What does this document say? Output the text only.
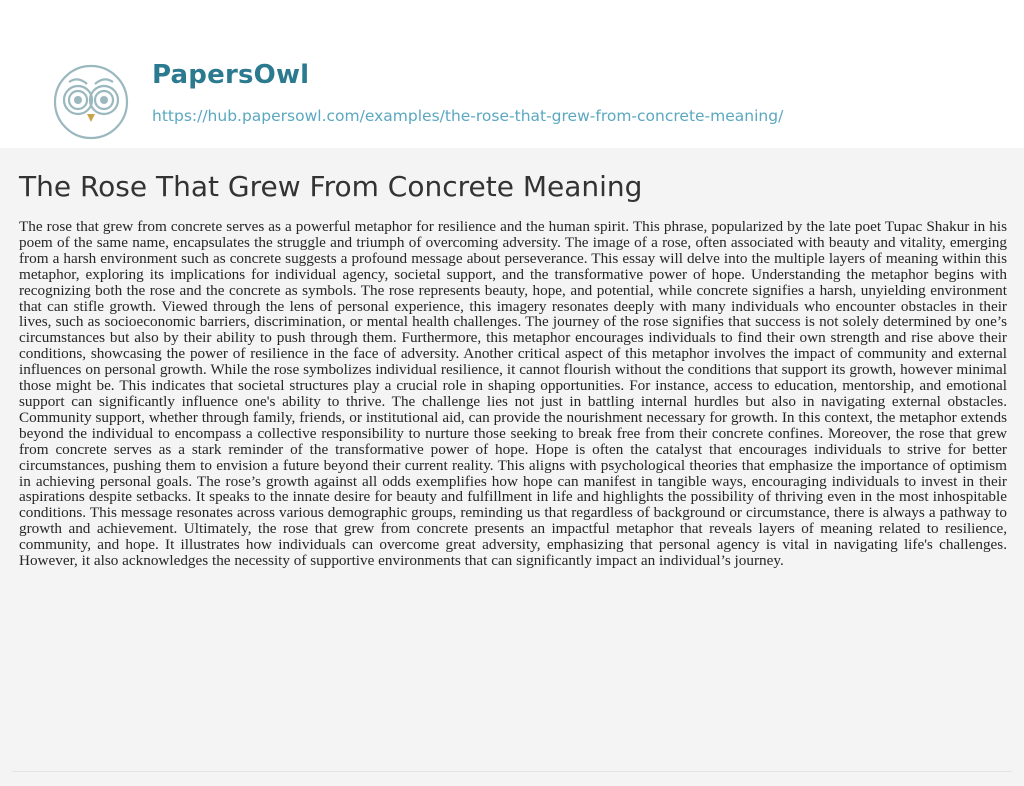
PapersOwl
https://hub.papersowl.com/examples/the-rose-that-grew-from-concrete-meaning/
The Rose That Grew From Concrete Meaning

The rose that grew from concrete serves as a powerful metaphor for resilience and the human spirit. This phrase, popularized by the late poet Tupac Shakur in his poem of the same name, encapsulates the struggle and triumph of overcoming adversity. The image of a rose, often associated with beauty and vitality, emerging from a harsh environment such as concrete suggests a profound message about perseverance. This essay will delve into the multiple layers of meaning within this metaphor, exploring its implications for individual agency, societal support, and the transformative power of hope. Understanding the metaphor begins with recognizing both the rose and the concrete as symbols. The rose represents beauty, hope, and potential, while concrete signifies a harsh, unyielding environment that can stifle growth. Viewed through the lens of personal experience, this imagery resonates deeply with many individuals who encounter obstacles in their lives, such as socioeconomic barriers, discrimination, or mental health challenges. The journey of the rose signifies that success is not solely determined by one’s circumstances but also by their ability to push through them. Furthermore, this metaphor encourages individuals to find their own strength and rise above their conditions, showcasing the power of resilience in the face of adversity. Another critical aspect of this metaphor involves the impact of community and external influences on personal growth. While the rose symbolizes individual resilience, it cannot flourish without the conditions that support its growth, however minimal those might be. This indicates that societal structures play a crucial role in shaping opportunities. For instance, access to education, mentorship, and emotional support can significantly influence one's ability to thrive. The challenge lies not just in battling internal hurdles but also in navigating external obstacles. Community support, whether through family, friends, or institutional aid, can provide the nourishment necessary for growth. In this context, the metaphor extends beyond the individual to encompass a collective responsibility to nurture those seeking to break free from their concrete confines. Moreover, the rose that grew from concrete serves as a stark reminder of the transformative power of hope. Hope is often the catalyst that encourages individuals to strive for better circumstances, pushing them to envision a future beyond their current reality. This aligns with psychological theories that emphasize the importance of optimism in achieving personal goals. The rose’s growth against all odds exemplifies how hope can manifest in tangible ways, encouraging individuals to invest in their aspirations despite setbacks. It speaks to the innate desire for beauty and fulfillment in life and highlights the possibility of thriving even in the most inhospitable conditions. This message resonates across various demographic groups, reminding us that regardless of background or circumstance, there is always a pathway to growth and achievement. Ultimately, the rose that grew from concrete presents an impactful metaphor that reveals layers of meaning related to resilience, community, and hope. It illustrates how individuals can overcome great adversity, emphasizing that personal agency is vital in navigating life's challenges. However, it also acknowledges the necessity of supportive environments that can significantly impact an individual’s journey.
